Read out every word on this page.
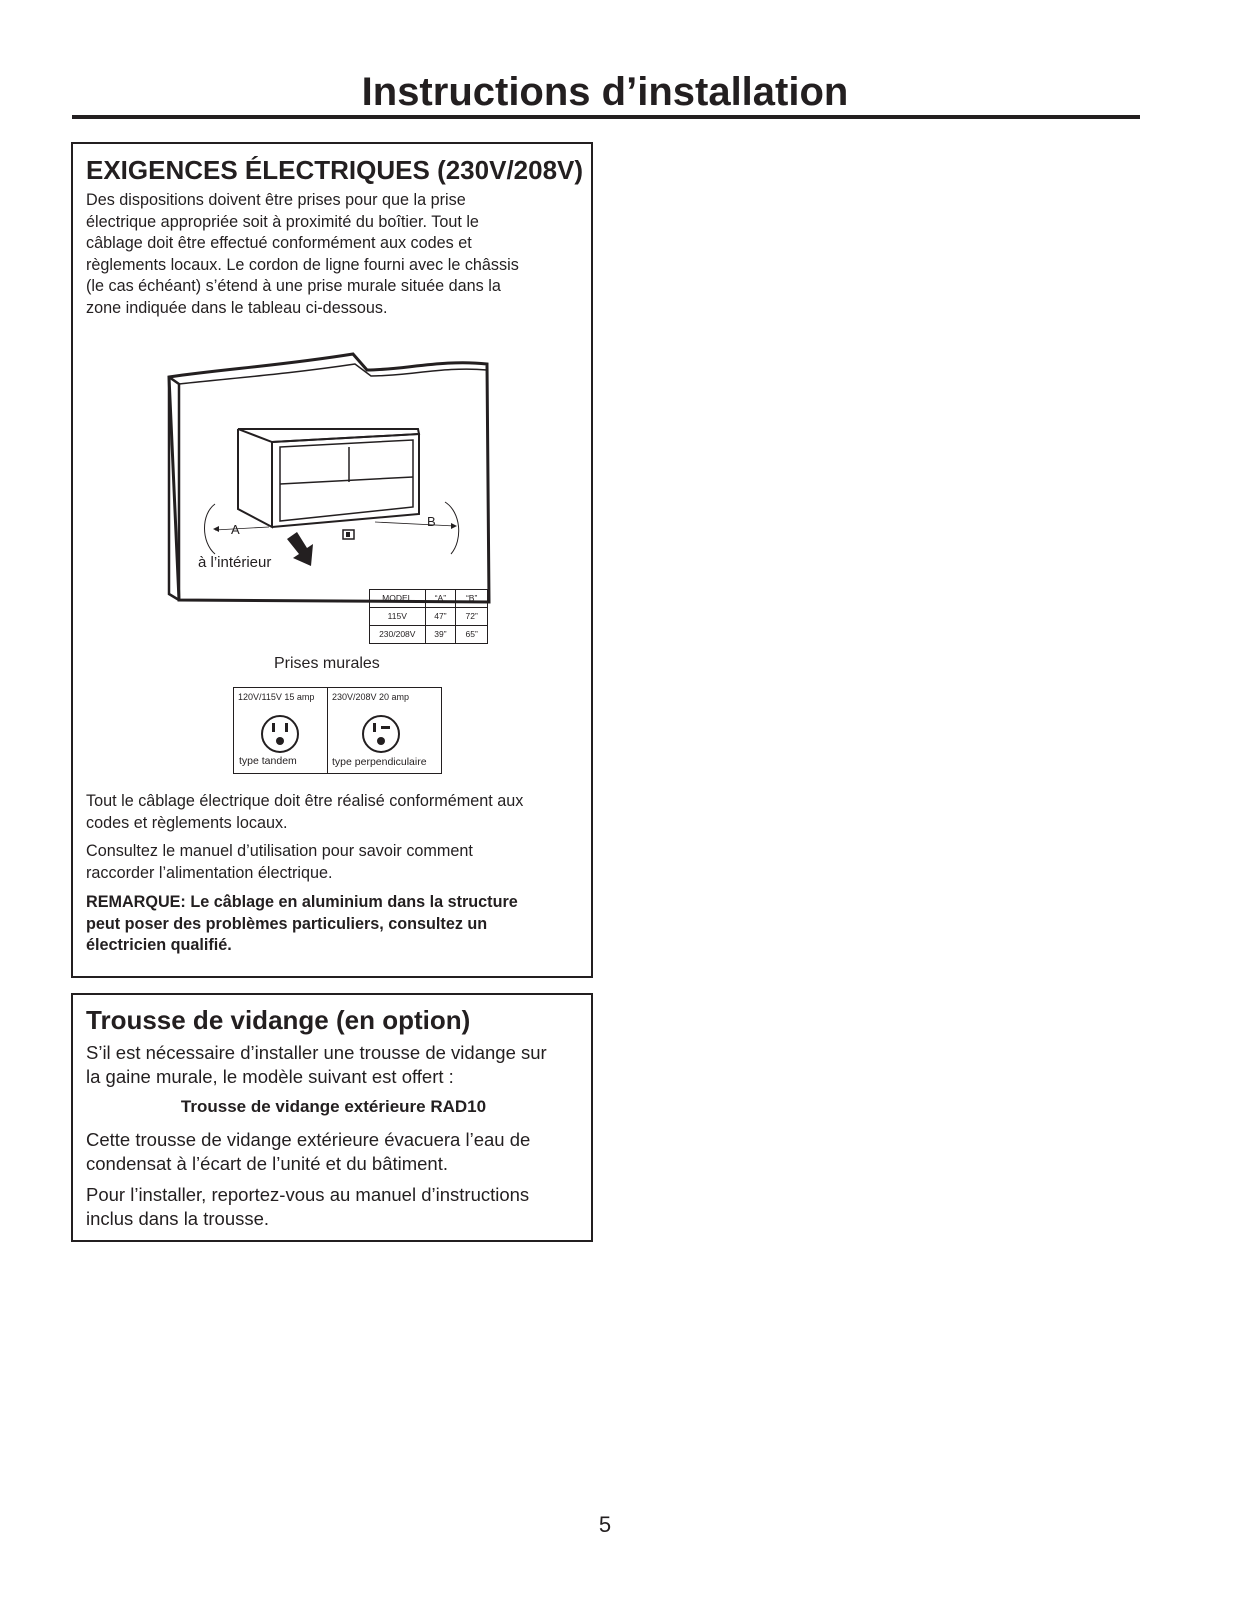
Instructions d’installation
EXIGENCES ÉLECTRIQUES (230V/208V)

Des dispositions doivent être prises pour que la prise
électrique appropriée soit à proximité du boîtier. Tout le
câblage doit être effectué conformément aux codes et
règlements locaux. Le cordon de ligne fourni avec le châssis
(le cas échéant) s’étend à une prise murale située dans la
zone indiquée dans le tableau ci-dessous.

A
B
à l’intérieur
MODEL	“A”	“B”
115V	47”	72”
230/208V	39”	65”
Prises murales
120V/115V 15 amp
type tandem
230V/208V 20 amp
type perpendiculaire

Tout le câblage électrique doit être réalisé conformément aux
codes et règlements locaux.

Consultez le manuel d’utilisation pour savoir comment
raccorder l’alimentation électrique.

REMARQUE: Le câblage en aluminium dans la structure
peut poser des problèmes particuliers, consultez un
électricien qualifié.

Trousse de vidange (en option)

S’il est nécessaire d’installer une trousse de vidange sur
la gaine murale, le modèle suivant est offert :

Trousse de vidange extérieure RAD10

Cette trousse de vidange extérieure évacuera l’eau de
condensat à l’écart de l’unité et du bâtiment.

Pour l’installer, reportez-vous au manuel d’instructions
inclus dans la trousse.

5
